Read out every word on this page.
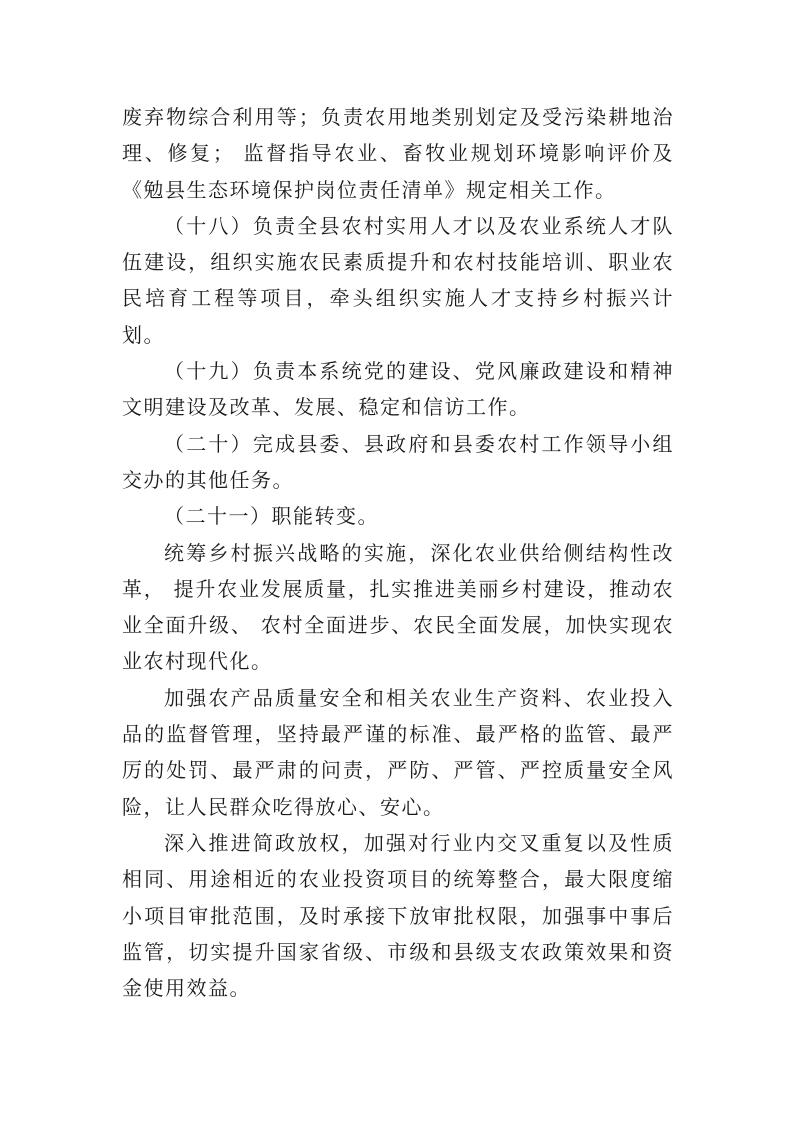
废弃物综合利用等；负责农用地类别划定及受污染耕地治理、修复； 监督指导农业、畜牧业规划环境影响评价及《勉县生态环境保护岗位责任清单》规定相关工作。

（十八）负责全县农村实用人才以及农业系统人才队伍建设，组织实施农民素质提升和农村技能培训、职业农民培育工程等项目，牵头组织实施人才支持乡村振兴计划。

（十九）负责本系统党的建设、党风廉政建设和精神文明建设及改革、发展、稳定和信访工作。

（二十）完成县委、县政府和县委农村工作领导小组交办的其他任务。

（二十一）职能转变。

统筹乡村振兴战略的实施，深化农业供给侧结构性改革， 提升农业发展质量，扎实推进美丽乡村建设，推动农业全面升级、 农村全面进步、农民全面发展，加快实现农业农村现代化。

加强农产品质量安全和相关农业生产资料、农业投入品的监督管理，坚持最严谨的标准、最严格的监管、最严厉的处罚、最严肃的问责，严防、严管、严控质量安全风险，让人民群众吃得放心、安心。

深入推进简政放权，加强对行业内交叉重复以及性质相同、用途相近的农业投资项目的统筹整合，最大限度缩小项目审批范围，及时承接下放审批权限，加强事中事后监管，切实提升国家省级、市级和县级支农政策效果和资金使用效益。
